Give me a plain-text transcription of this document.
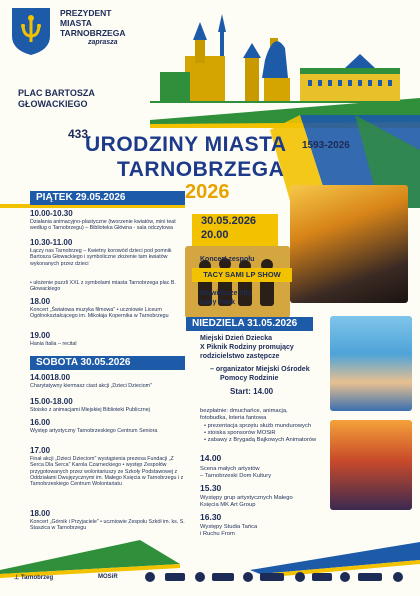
PREZYDENT
MIASTA
TARNOBRZEGA
zaprasza
PLAC BARTOSZA
GŁOWACKIEGO
433.
URODZINY MIASTA
TARNOBRZEGA
1593-2026
2026
PIĄTEK 29.05.2026
10.00-10.30
Działania animacyjno-plastyczne (tworzenie kwiatów, mini teat według o Tarnobrzegu) – Biblioteka Główna - sala odczytowa
10.30-11.00
Łączy nas Tarnobrzeg – Kwietny korowód dzieci pod pomnik Bartosza Głowackiego i symboliczne złożenie tam kwiatów wykonanych przez dzieci
• ułożenie puzzli XXL z symbolami miasta Tarnobrzega plac B. Głowackiego
18.00
Koncert „Światowa muzyka filmowa" • uczniowie Liceum Ogólnokształcącego im. Mikołaja Kopernika w Tarnobrzegu
19.00
Hania Italia – recital
SOBOTA 30.05.2026
14.0018.00
Charytatywny kiermasz ciast akcji „Dzieci Dzieciom"
15.00-18.00
Stoisko z animacjami Miejskiej Biblioteki Publicznej
16.00
Występ artystyczny Tarnobrzeskiego Centrum Seniora
17.00
Finał akcji „Dzieci Dzieciom" wystąpienia prezesa Fundacji „Z Serca Dla Serca" Karola Czarneckiego • występ Zespołów przygotowanych przez wolontariuszy ze Szkoły Podstawowej z Oddziałami Dwujęzycznymi im. Małego Księcia w Tarnobrzegu i z Tarnobrzeskiego Centrum Wolontariatu
18.00
Koncert „Górnik i Przyjaciele" • uczniowie Zespołu Szkół im. ks. S. Staszica w Tarnobrzegu
30.05.2026
20.00
Koncert zespołu
TACY SAMI LP SHOW
Największe hity
Lady Pank
NIEDZIELA 31.05.2026
Miejski Dzień Dziecka
X Piknik Rodziny promujący
rodzicielstwo zastępcze
– organizator Miejski Ośrodek
Pomocy Rodzinie
Start: 14.00
bezpłatnie: dmuchańce, animacja,
fotobudka, loteria fantowa
• prezentacja sprzętu służb mundurowych
• stoiska sponsorów MOSiR
• zabawy z Brygadą Bajkowych Animatorów
14.00
Scena małych artystów
– Tarnobrzeski Dom Kultury
15.30
Występy grup artystycznych Małego
Księcia MK Art Group
16.30
Występy Studia Tańca
i Ruchu From
⊥ Tarnobrzeg	MOSiR
